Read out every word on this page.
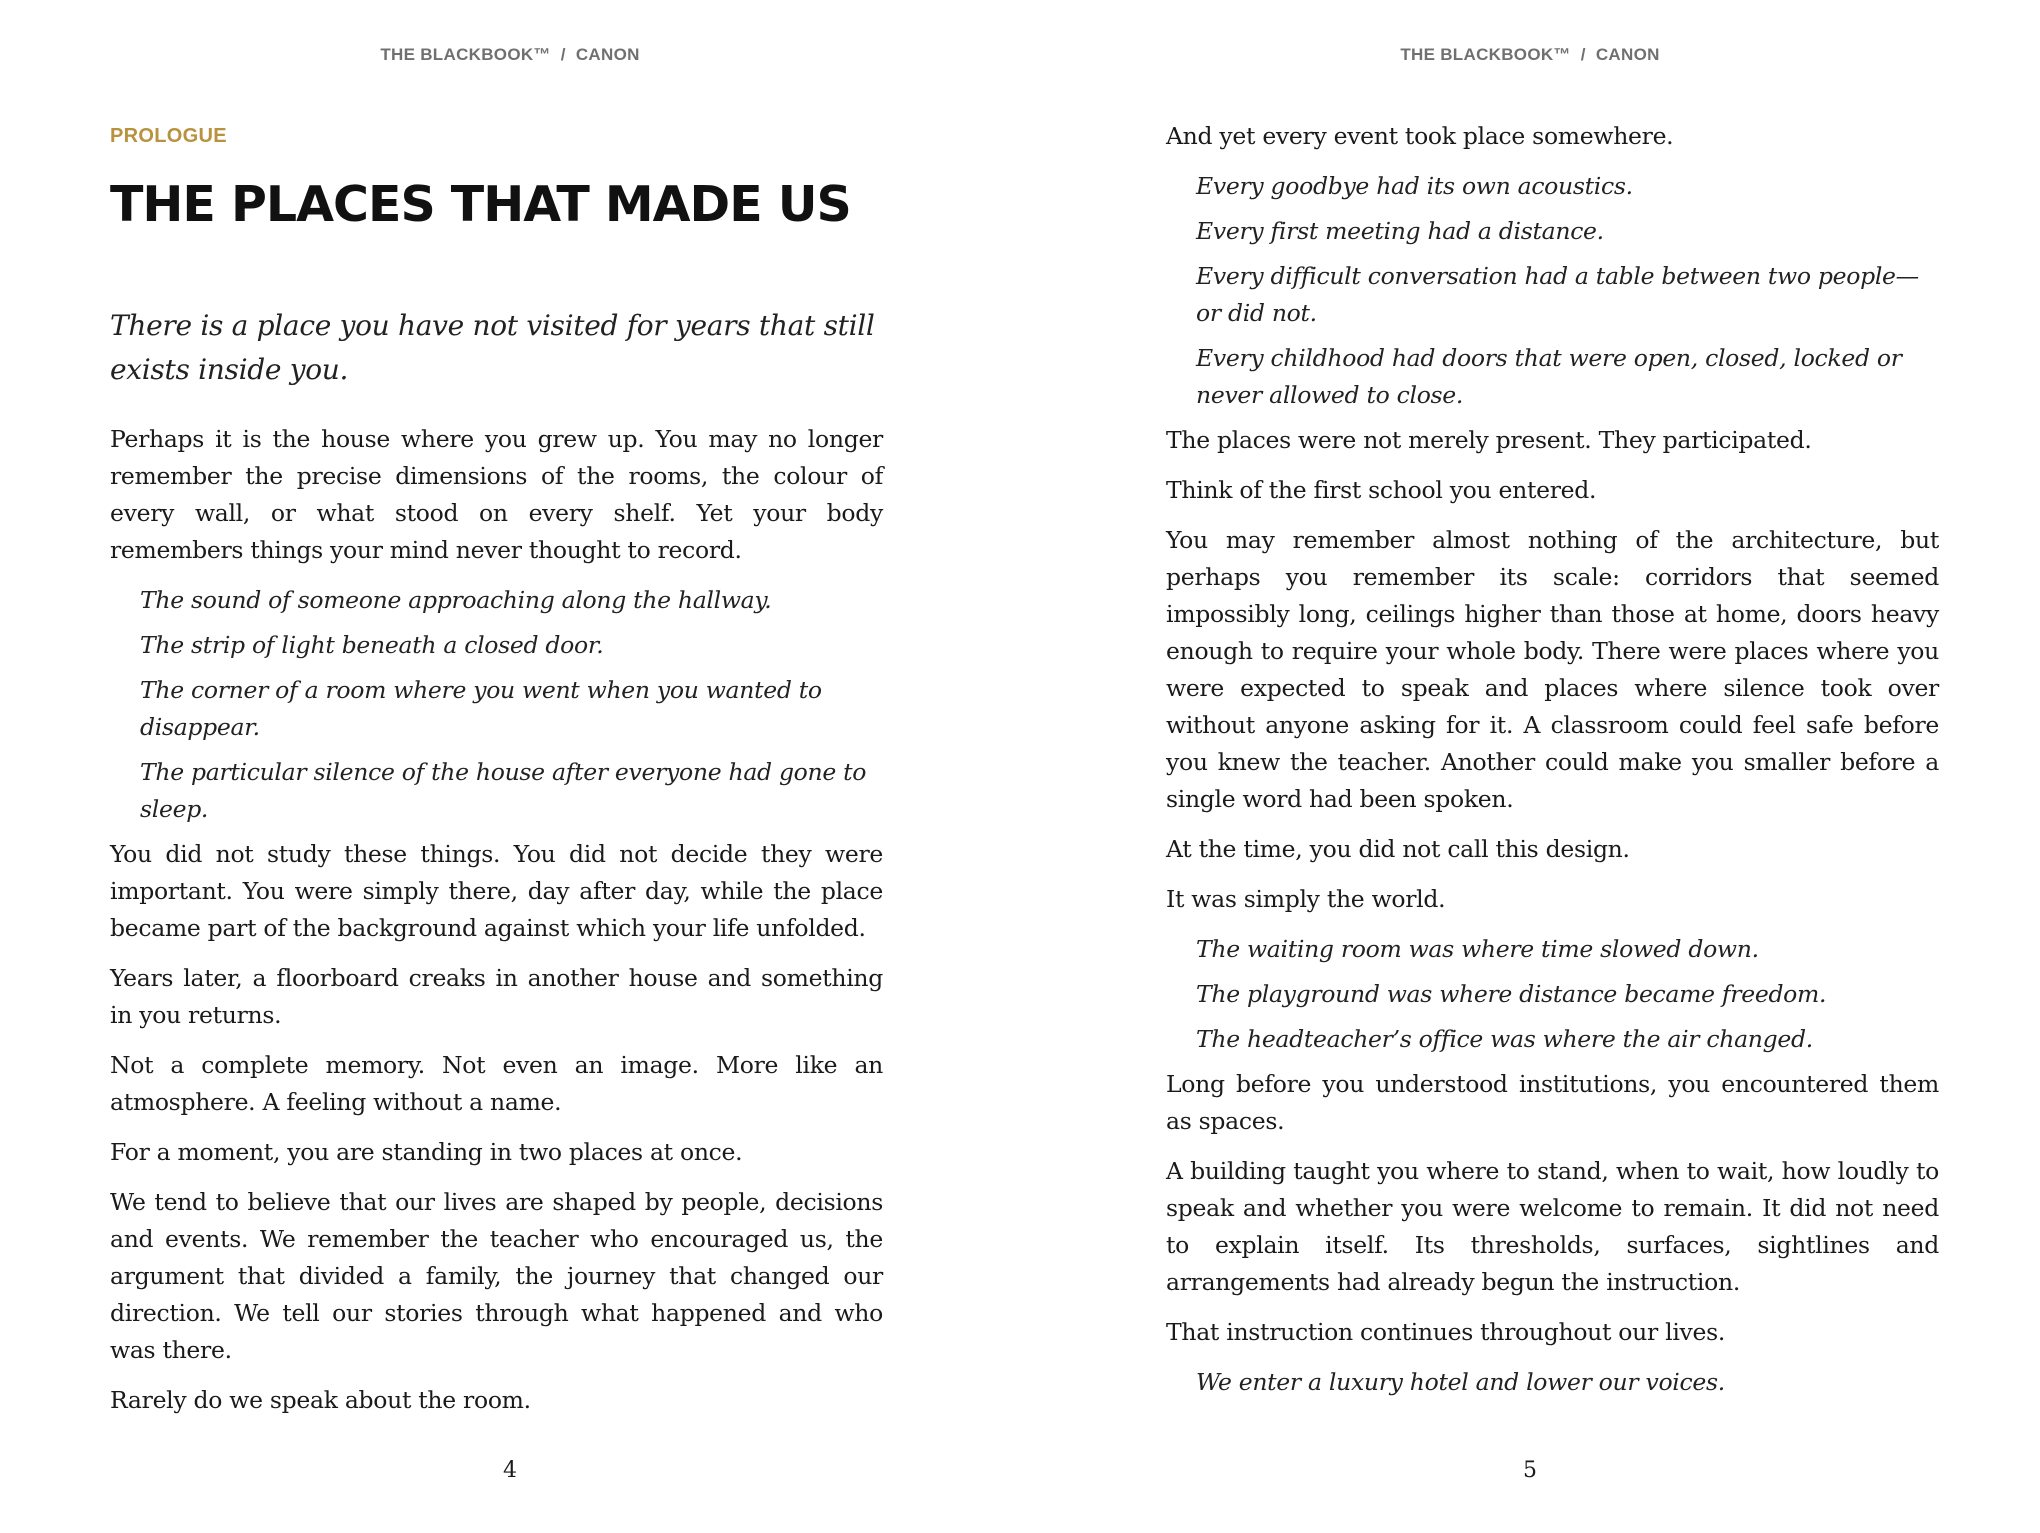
THE BLACKBOOK™  /  CANON
PROLOGUE
THE PLACES THAT MADE US
There is a place you have not visited for years that still exists inside you.

Perhaps it is the house where you grew up. You may no longer remember the precise dimensions of the rooms, the colour of every wall, or what stood on every shelf. Yet your body remembers things your mind never thought to record.

The sound of someone approaching along the hallway.

The strip of light beneath a closed door.

The corner of a room where you went when you wanted to disappear.

The particular silence of the house after everyone had gone to sleep.

You did not study these things. You did not decide they were important. You were simply there, day after day, while the place became part of the background against which your life unfolded.

Years later, a floorboard creaks in another house and something in you returns.

Not a complete memory. Not even an image. More like an atmosphere. A feeling without a name.

For a moment, you are standing in two places at once.

We tend to believe that our lives are shaped by people, decisions and events. We remember the teacher who encouraged us, the argument that divided a family, the journey that changed our direction. We tell our stories through what happened and who was there.

Rarely do we speak about the room.

4
THE BLACKBOOK™  /  CANON

And yet every event took place somewhere.

Every goodbye had its own acoustics.

Every first meeting had a distance.

Every difficult conversation had a table between two people—or did not.

Every childhood had doors that were open, closed, locked or never allowed to close.

The places were not merely present. They participated.

Think of the first school you entered.

You may remember almost nothing of the architecture, but perhaps you remember its scale: corridors that seemed impossibly long, ceilings higher than those at home, doors heavy enough to require your whole body. There were places where you were expected to speak and places where silence took over without anyone asking for it. A classroom could feel safe before you knew the teacher. Another could make you smaller before a single word had been spoken.

At the time, you did not call this design.

It was simply the world.

The waiting room was where time slowed down.

The playground was where distance became freedom.

The headteacher’s office was where the air changed.

Long before you understood institutions, you encountered them as spaces.

A building taught you where to stand, when to wait, how loudly to speak and whether you were welcome to remain. It did not need to explain itself. Its thresholds, surfaces, sightlines and arrangements had already begun the instruction.

That instruction continues throughout our lives.

We enter a luxury hotel and lower our voices.

5
